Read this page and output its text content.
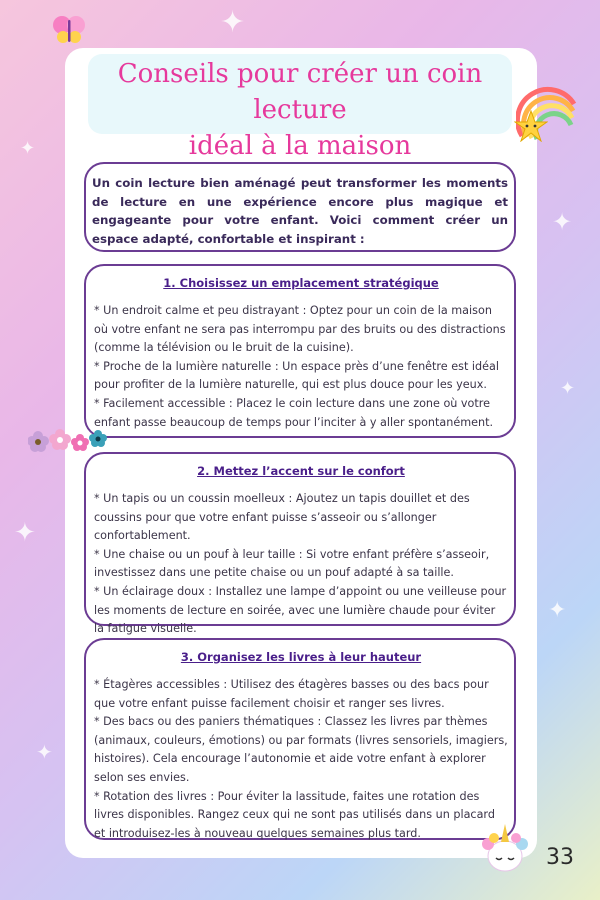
✦
✦
✦
✦
✦
✦
✦
Conseils pour créer un coin lecture
idéal à la maison
Un coin lecture bien aménagé peut transformer les moments de lecture en une expérience encore plus magique et engageante pour votre enfant. Voici comment créer un espace adapté, confortable et inspirant :
1. Choisissez un emplacement stratégique

* Un endroit calme et peu distrayant : Optez pour un coin de la maison où votre enfant ne sera pas interrompu par des bruits ou des distractions (comme la télévision ou le bruit de la cuisine).

* Proche de la lumière naturelle : Un espace près d’une fenêtre est idéal pour profiter de la lumière naturelle, qui est plus douce pour les yeux.

* Facilement accessible : Placez le coin lecture dans une zone où votre enfant passe beaucoup de temps pour l’inciter à y aller spontanément.

2. Mettez l’accent sur le confort

* Un tapis ou un coussin moelleux : Ajoutez un tapis douillet et des coussins pour que votre enfant puisse s’asseoir ou s’allonger confortablement.

* Une chaise ou un pouf à leur taille : Si votre enfant préfère s’asseoir, investissez dans une petite chaise ou un pouf adapté à sa taille.

* Un éclairage doux : Installez une lampe d’appoint ou une veilleuse pour les moments de lecture en soirée, avec une lumière chaude pour éviter la fatigue visuelle.

3. Organisez les livres à leur hauteur

* Étagères accessibles : Utilisez des étagères basses ou des bacs pour que votre enfant puisse facilement choisir et ranger ses livres.

* Des bacs ou des paniers thématiques : Classez les livres par thèmes (animaux, couleurs, émotions) ou par formats (livres sensoriels, imagiers, histoires). Cela encourage l’autonomie et aide votre enfant à explorer selon ses envies.

* Rotation des livres : Pour éviter la lassitude, faites une rotation des livres disponibles. Rangez ceux qui ne sont pas utilisés dans un placard et introduisez-les à nouveau quelques semaines plus tard.

33
